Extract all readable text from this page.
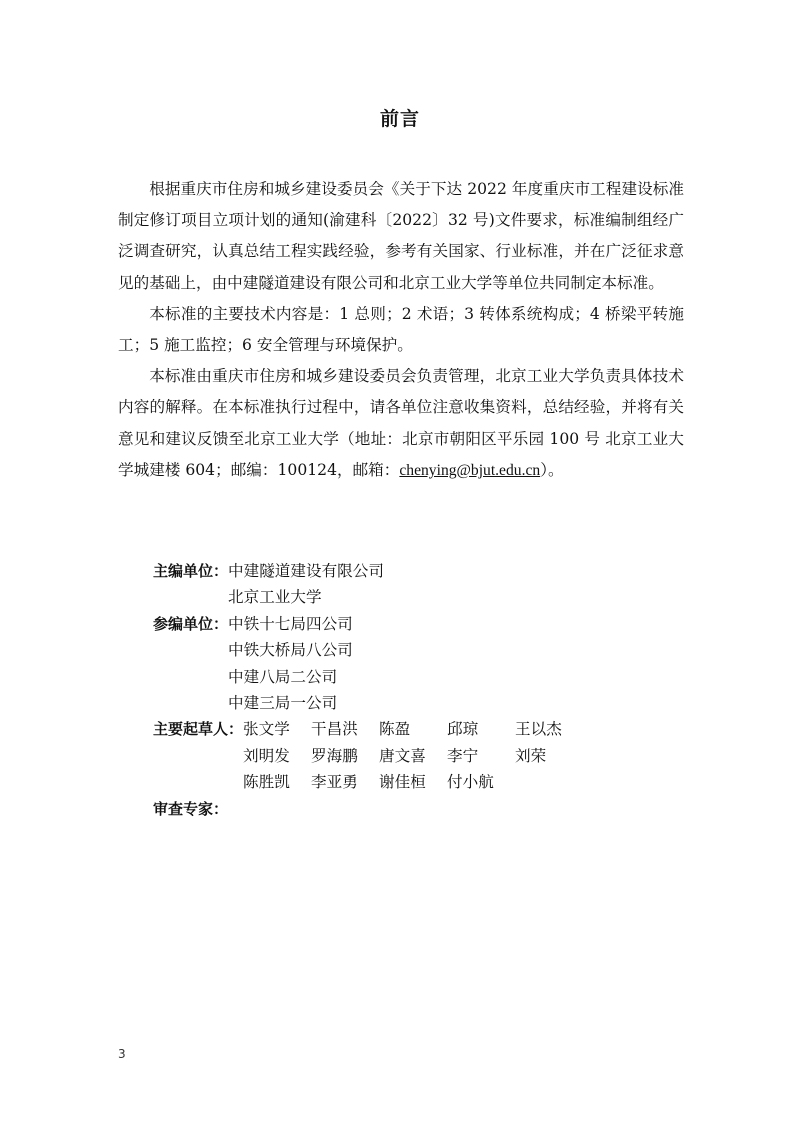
前言

根据重庆市住房和城乡建设委员会《关于下达 2022 年度重庆市工程建设标准制定修订项目立项计划的通知(渝建科〔2022〕32 号)文件要求，标准编制组经广泛调查研究，认真总结工程实践经验，参考有关国家、行业标准，并在广泛征求意见的基础上，由中建隧道建设有限公司和北京工业大学等单位共同制定本标准。

本标准的主要技术内容是：1 总则；2 术语；3 转体系统构成；4 桥梁平转施工；5 施工监控；6 安全管理与环境保护。

本标准由重庆市住房和城乡建设委员会负责管理，北京工业大学负责具体技术内容的解释。在本标准执行过程中，请各单位注意收集资料，总结经验，并将有关意见和建议反馈至北京工业大学（地址：北京市朝阳区平乐园 100 号 北京工业大学城建楼 604；邮编：100124，邮箱：chenying@bjut.edu.cn）。

主编单位： 中建隧道建设有限公司
北京工业大学
参编单位： 中铁十七局四公司
中铁大桥局八公司
中建八局二公司
中建三局一公司
主要起草人： 张文学	干昌洪	陈盈	邱琼	王以杰
刘明发	罗海鹏	唐文喜	李宁	刘荣
陈胜凯	李亚勇	谢佳桓	付小航
审查专家：
3
